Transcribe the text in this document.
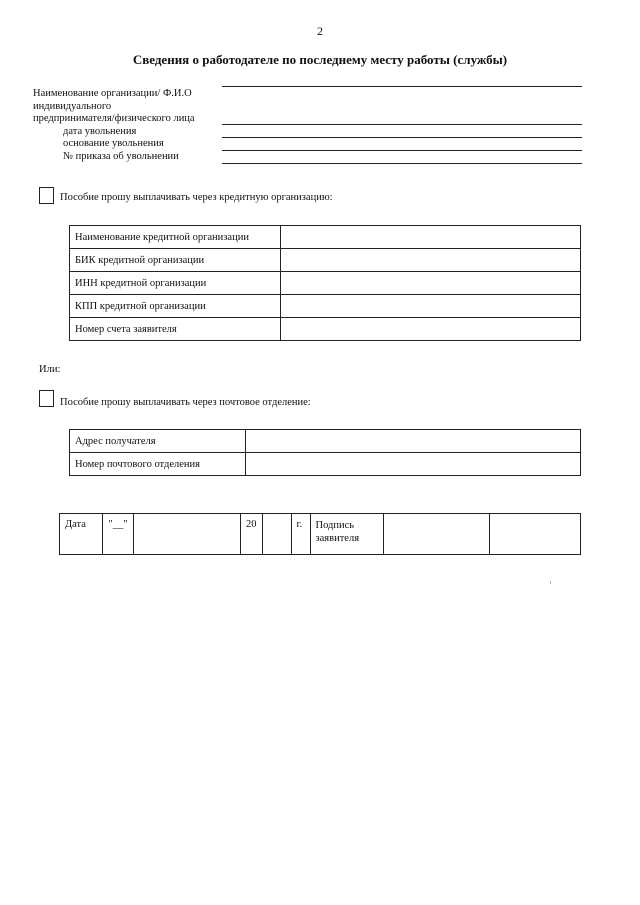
2
Сведения о работодателе по последнему месту работы (службы)
Наименование организации/ Ф.И.О
индивидуального
предпринимателя/физического лица
дата увольнения
основание увольнения
№ приказа об увольнении
Пособие прошу выплачивать через кредитную организацию:
Наименование кредитной организации	
БИК кредитной организации	
ИНН кредитной организации	
КПП кредитной организации	
Номер счета заявителя	
Или:
Пособие прошу выплачивать через почтовое отделение:
Адрес получателя	
Номер почтового отделения	
Дата	"__"		20		г.	Подпись
заявителя		
